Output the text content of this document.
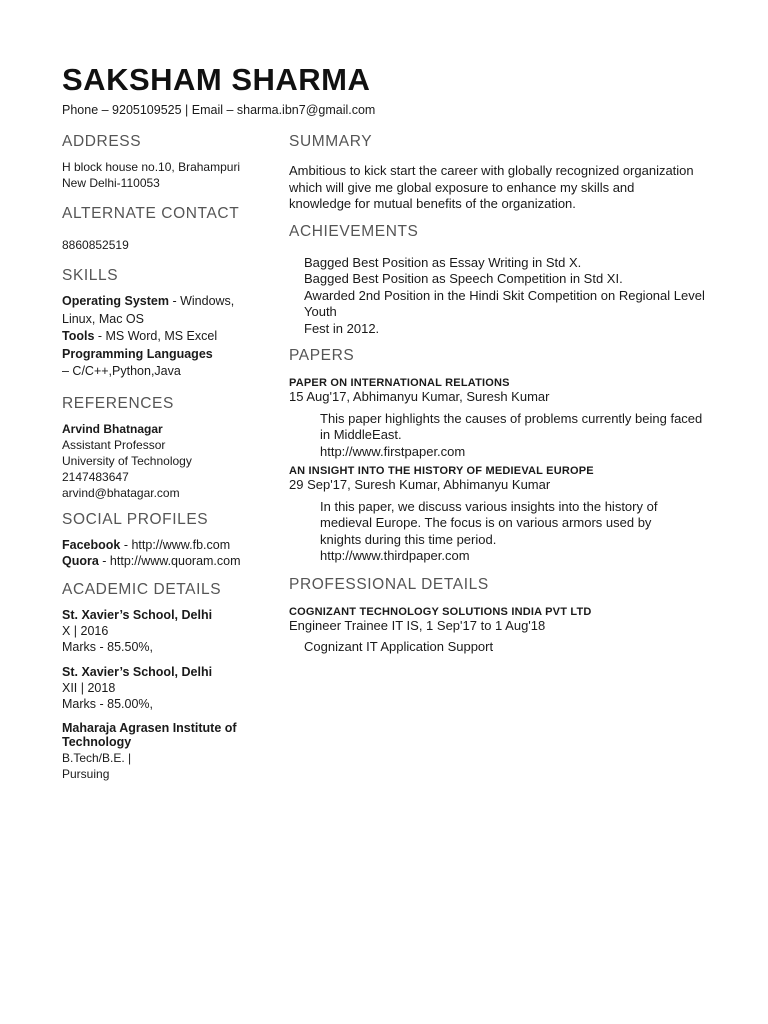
SAKSHAM SHARMA
Phone – 9205109525 | Email – sharma.ibn7@gmail.com
ADDRESS
H block house no.10, Brahampuri
New Delhi-110053
ALTERNATE CONTACT
8860852519
SKILLS
Operating System - Windows, Linux, Mac OS
Tools - MS Word, MS Excel
Programming Languages
– C/C++,Python,Java
REFERENCES
Arvind Bhatnagar
Assistant Professor
University of Technology
2147483647
arvind@bhatagar.com
SOCIAL PROFILES
Facebook - http://www.fb.com
Quora - http://www.quoram.com
ACADEMIC DETAILS
St. Xavier’s School, Delhi
X | 2016
Marks - 85.50%,
St. Xavier’s School, Delhi
XII | 2018
Marks - 85.00%,
Maharaja Agrasen Institute of Technology
B.Tech/B.E. |
Pursuing
SUMMARY
Ambitious to kick start the career with globally recognized organization which will give me global exposure to enhance my skills and knowledge for mutual benefits of the organization.
ACHIEVEMENTS
Bagged Best Position as Essay Writing in Std X.
Bagged Best Position as Speech Competition in Std XI.
Awarded 2nd Position in the Hindi Skit Competition on Regional Level Youth
Fest in 2012.
PAPERS
PAPER ON INTERNATIONAL RELATIONS
15 Aug'17, Abhimanyu Kumar, Suresh Kumar
This paper highlights the causes of problems currently being faced in MiddleEast.
http://www.firstpaper.com
AN INSIGHT INTO THE HISTORY OF MEDIEVAL EUROPE
29 Sep'17, Suresh Kumar, Abhimanyu Kumar
In this paper, we discuss various insights into the history of medieval Europe. The focus is on various armors used by knights during this time period.
http://www.thirdpaper.com
PROFESSIONAL DETAILS
COGNIZANT TECHNOLOGY SOLUTIONS INDIA PVT LTD
Engineer Trainee IT IS, 1 Sep'17 to 1 Aug'18
Cognizant IT Application Support
